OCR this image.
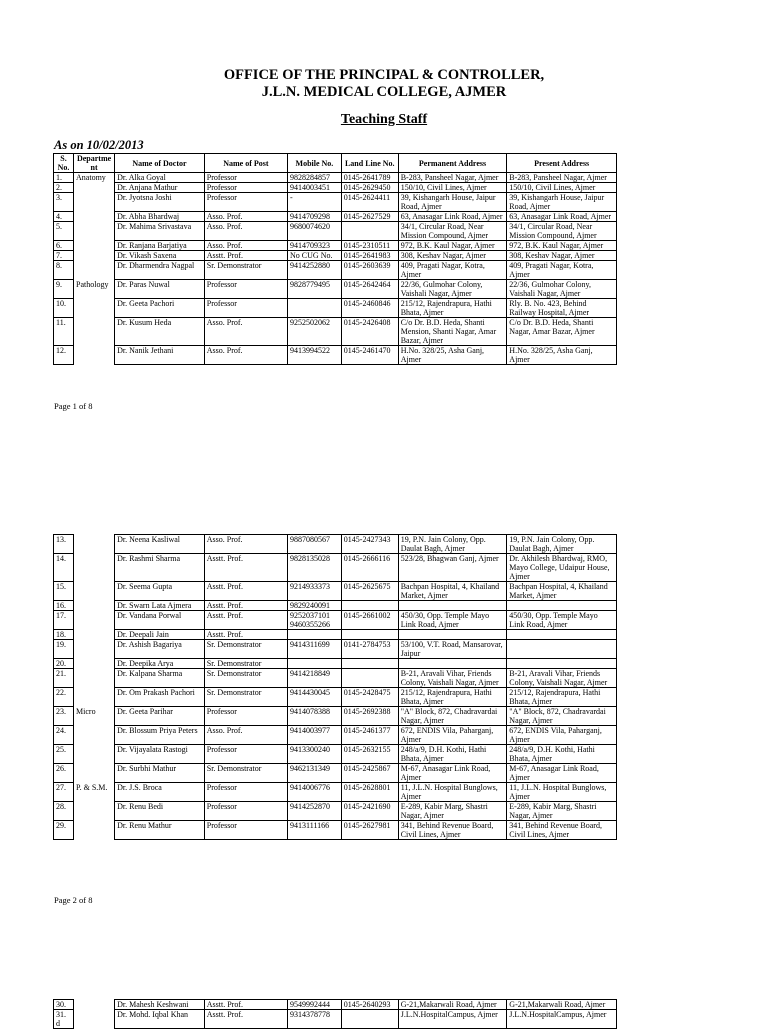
OFFICE OF THE PRINCIPAL & CONTROLLER,
J.L.N. MEDICAL COLLEGE, AJMER
Teaching Staff
As on 10/02/2013
S. No.	Departme nt	Name of Doctor	Name of Post	Mobile No.	Land Line No.	Permanent Address	Present Address
1.	Anatomy	Dr. Alka Goyal	Professor	9828284857	0145-2641789	B-283, Pansheel Nagar, Ajmer	B-283, Pansheel Nagar, Ajmer
2.		Dr. Anjana Mathur	Professor	9414003451	0145-2629450	150/10, Civil Lines, Ajmer	150/10, Civil Lines, Ajmer
3.		Dr. Jyotsna Joshi	Professor	-	0145-2624411	39, Kishangarh House, Jaipur Road, Ajmer	39, Kishangarh House, Jaipur Road, Ajmer
4.		Dr. Abha Bhardwaj	Asso. Prof.	9414709298	0145-2627529	63, Anasagar Link Road, Ajmer	63, Anasagar Link Road, Ajmer
5.		Dr. Mahima Srivastava	Asso. Prof.	9680074620		34/1, Circular Road, Near Mission Compound, Ajmer	34/1, Circular Road, Near Mission Compound, Ajmer
6.		Dr. Ranjana Barjatiya	Asso. Prof.	9414709323	0145-2310511	972, B.K. Kaul Nagar, Ajmer	972, B.K. Kaul Nagar, Ajmer
7.		Dr. Vikash Saxena	Asstt. Prof.	No CUG No.	0145-2641983	308, Keshav Nagar, Ajmer	308, Keshav Nagar, Ajmer
8.		Dr. Dharmendra Nagpal	Sr. Demonstrator	9414252880	0145-2603639	409, Pragati Nagar, Kotra, Ajmer	409, Pragati Nagar, Kotra, Ajmer
9.	Pathology	Dr. Paras Nuwal	Professor	9828779495	0145-2642464	22/36, Gulmohar Colony, Vaishali Nagar, Ajmer	22/36, Gulmohar Colony, Vaishali Nagar, Ajmer
10.		Dr. Geeta Pachori	Professor		0145-2460846	215/12, Rajendrapura, Hathi Bhata, Ajmer	Rly. B. No. 423, Behind Railway Hospital, Ajmer
11.		Dr. Kusum Heda	Asso. Prof.	9252502062	0145-2426408	C/o Dr. B.D. Heda, Shanti Mension, Shanti Nagar, Amar Bazar, Ajmer	C/o Dr. B.D. Heda, Shanti Nagar, Amar Bazar, Ajmer
12.		Dr. Nanik Jethani	Asso. Prof.	9413994522	0145-2461470	H.No. 328/25, Asha Ganj, Ajmer	H.No. 328/25, Asha Ganj, Ajmer
Page 1 of 8
13.		Dr. Neena Kasliwal	Asso. Prof.	9887080567	0145-2427343	19, P.N. Jain Colony, Opp. Daulat Bagh, Ajmer	19, P.N. Jain Colony, Opp. Daulat Bagh, Ajmer
14.		Dr. Rashmi Sharma	Asstt. Prof.	9828135028	0145-2666116	523/28, Bhagwan Ganj, Ajmer	Dr. Akhilesh Bhardwaj, RMO, Mayo College, Udaipur House, Ajmer
15.		Dr. Seema Gupta	Asstt. Prof.	9214933373	0145-2625675	Bachpan Hospital, 4, Khailand Market, Ajmer	Bachpan Hospital, 4, Khailand Market, Ajmer
16.		Dr. Swarn Lata Ajmera	Asstt. Prof.	9829240091			
17.		Dr. Vandana Porwal	Asstt. Prof.	9252037101 9460355266	0145-2661002	450/30, Opp. Temple Mayo Link Road, Ajmer	450/30, Opp. Temple Mayo Link Road, Ajmer
18.		Dr. Deepali Jain	Asstt. Prof.				
19.		Dr. Ashish Bagariya	Sr. Demonstrator	9414311699	0141-2784753	53/100, V.T. Road, Mansarovar, Jaipur	
20.		Dr. Deepika Arya	Sr. Demonstrator				
21.		Dr. Kalpana Sharma	Sr. Demonstrator	9414218849		B-21, Aravali Vihar, Friends Colony, Vaishali Nagar, Ajmer	B-21, Aravali Vihar, Friends Colony, Vaishali Nagar, Ajmer
22.		Dr. Om Prakash Pachori	Sr. Demonstrator	9414430045	0145-2428475	215/12, Rajendrapura, Hathi Bhata, Ajmer	215/12, Rajendrapura, Hathi Bhata, Ajmer
23.	Micro	Dr. Geeta Parihar	Professor	9414078388	0145-2692388	"A" Block, 872, Chadravardai Nagar, Ajmer	"A" Block, 872, Chadravardai Nagar, Ajmer
24.		Dr. Blossum Priya Peters	Asso. Prof.	9414003977	0145-2461377	672, ENDIS Vila, Paharganj, Ajmer	672, ENDIS Vila, Paharganj, Ajmer
25.		Dr. Vijayalata Rastogi	Professor	9413300240	0145-2632155	248/a/9, D.H. Kothi, Hathi Bhata, Ajmer	248/a/9, D.H. Kothi, Hathi Bhata, Ajmer
26.		Dr. Surbhi Mathur	Sr. Demonstrator	9462131349	0145-2425867	M-67, Anasagar Link Road, Ajmer	M-67, Anasagar Link Road, Ajmer
27.	P. & S.M.	Dr. J.S. Broca	Professor	9414006776	0145-2628801	11, J.L.N. Hospital Bunglows, Ajmer	11, J.L.N. Hospital Bunglows, Ajmer
28.		Dr. Renu Bedi	Professor	9414252870	0145-2421690	E-289, Kabir Marg, Shastri Nagar, Ajmer	E-289, Kabir Marg, Shastri Nagar, Ajmer
29.		Dr. Renu Mathur	Professor	9413111166	0145-2627981	341, Behind Revenue Board, Civil Lines, Ajmer	341, Behind Revenue Board, Civil Lines, Ajmer
Page 2 of 8
30.		Dr. Mahesh Keshwani	Asstt. Prof.	9549992444	0145-2640293	G-21,Makarwali Road, Ajmer	G-21,Makarwali Road, Ajmer
31. d		Dr. Mohd. Iqbal Khan	Asstt. Prof.	9314378778		J.L.N.HospitalCampus, Ajmer	J.L.N.HospitalCampus, Ajmer
